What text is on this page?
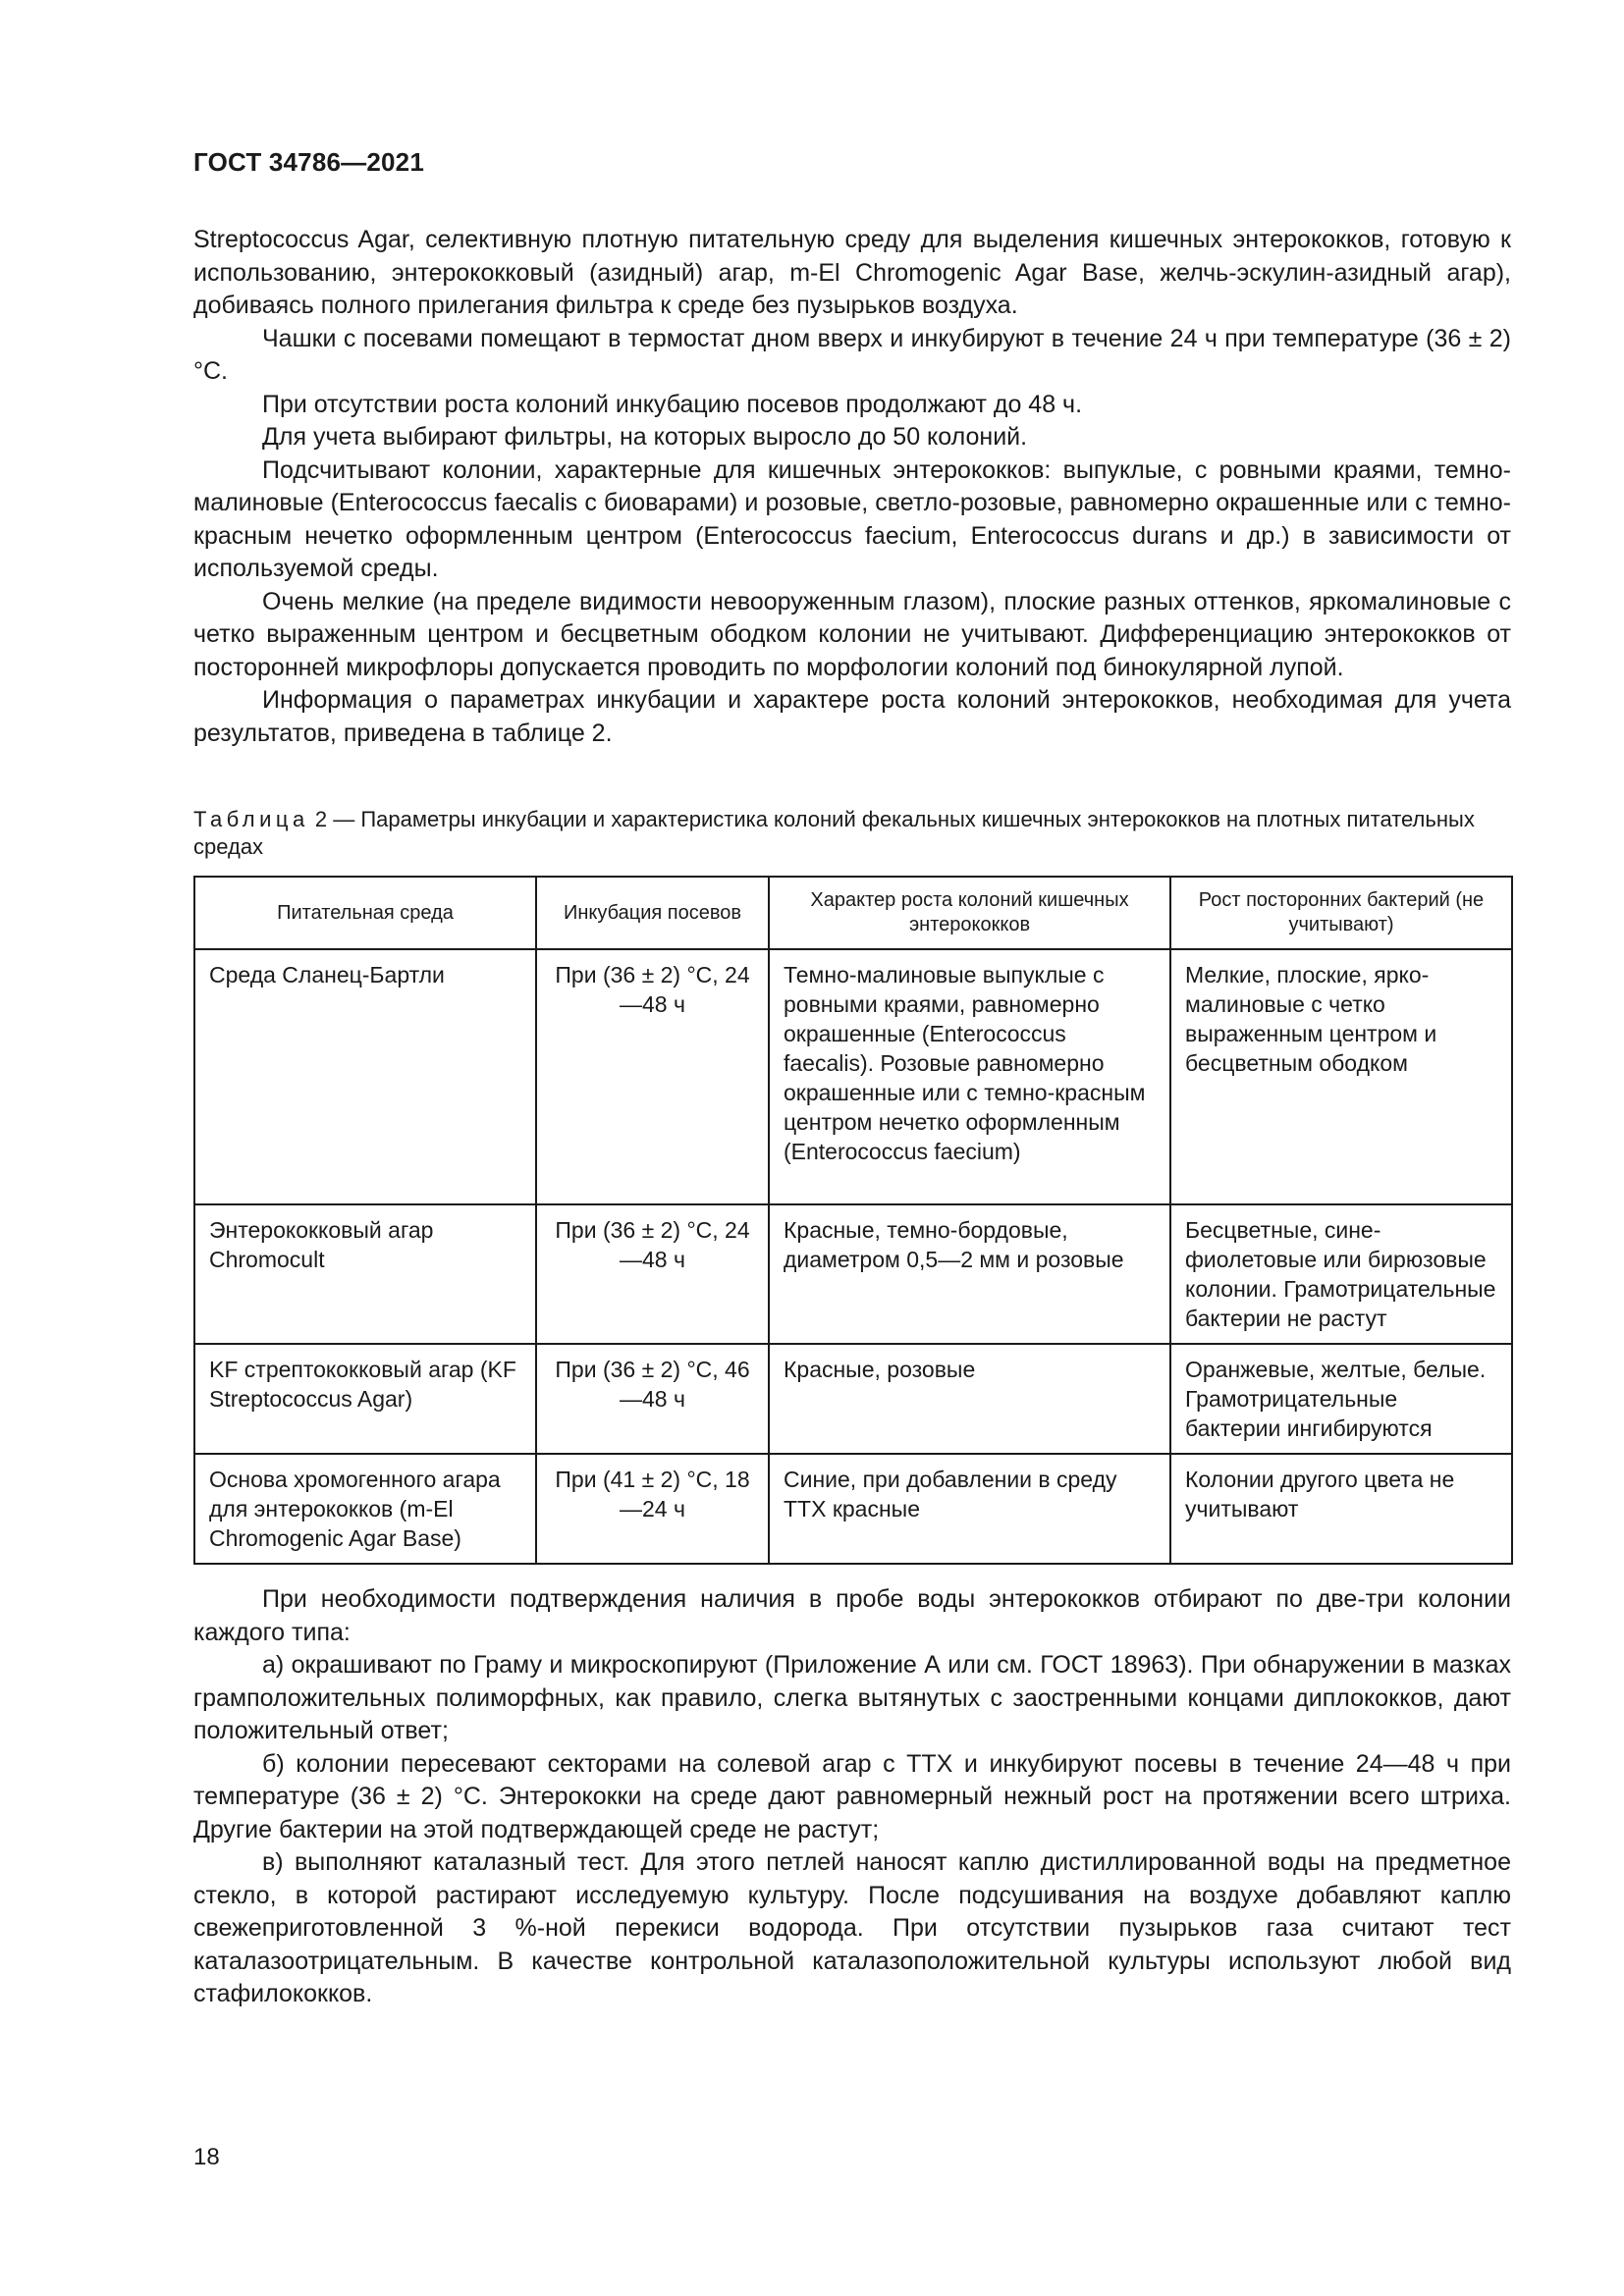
ГОСТ 34786—2021

Streptococcus Agar, селективную плотную питательную среду для выделения кишечных энтерококков, готовую к использованию, энтерококковый (азидный) агар, m-El Chromogenic Agar Base, желчь-эскулин-азидный агар), добиваясь полного прилегания фильтра к среде без пузырьков воздуха.

Чашки с посевами помещают в термостат дном вверх и инкубируют в течение 24 ч при температуре (36 ± 2) °С.

При отсутствии роста колоний инкубацию посевов продолжают до 48 ч.

Для учета выбирают фильтры, на которых выросло до 50 колоний.

Подсчитывают колонии, характерные для кишечных энтерококков: выпуклые, с ровными краями, темно-малиновые (Enterococcus faecalis с биоварами) и розовые, светло-розовые, равномерно окрашенные или с темно-красным нечетко оформленным центром (Enterococcus faecium, Enterococcus durans и др.) в зависимости от используемой среды.

Очень мелкие (на пределе видимости невооруженным глазом), плоские разных оттенков, яркомалиновые с четко выраженным центром и бесцветным ободком колонии не учитывают. Дифференциацию энтерококков от посторонней микрофлоры допускается проводить по морфологии колоний под бинокулярной лупой.

Информация о параметрах инкубации и характере роста колоний энтерококков, необходимая для учета результатов, приведена в таблице 2.

Таблица 2 — Параметры инкубации и характеристика колоний фекальных кишечных энтерококков на плотных питательных средах
Питательная среда	Инкубация посевов	Характер роста колоний кишечных энтерококков	Рост посторонних бактерий (не учитывают)
Среда Сланец-Бартли	При (36 ± 2) °С, 24—48 ч	Темно-малиновые выпуклые с ровными краями, равномерно окрашенные (Enterococcus faecalis). Розовые равномерно окрашенные или с темно-красным центром нечетко оформленным (Enterococcus faecium)	Мелкие, плоские, ярко-малиновые с четко выраженным центром и бесцветным ободком
Энтерококковый агар Chromocult	При (36 ± 2) °С, 24—48 ч	Красные, темно-бордовые, диаметром 0,5—2 мм и розовые	Бесцветные, сине-фиолетовые или бирюзовые колонии. Грамотрицательные бактерии не растут
KF стрептококковый агар (KF Streptococcus Agar)	При (36 ± 2) °С, 46—48 ч	Красные, розовые	Оранжевые, желтые, белые. Грамотрицательные бактерии ингибируются
Основа хромогенного агара для энтерококков (m-El Chromogenic Agar Base)	При (41 ± 2) °С, 18—24 ч	Синие, при добавлении в среду ТТХ красные	Колонии другого цвета не учитывают

При необходимости подтверждения наличия в пробе воды энтерококков отбирают по две-три колонии каждого типа:

а) окрашивают по Граму и микроскопируют (Приложение А или см. ГОСТ 18963). При обнаружении в мазках грамположительных полиморфных, как правило, слегка вытянутых с заостренными концами диплококков, дают положительный ответ;

б) колонии пересевают секторами на солевой агар с ТТХ и инкубируют посевы в течение 24—48 ч при температуре (36 ± 2) °С. Энтерококки на среде дают равномерный нежный рост на протяжении всего штриха. Другие бактерии на этой подтверждающей среде не растут;

в) выполняют каталазный тест. Для этого петлей наносят каплю дистиллированной воды на предметное стекло, в которой растирают исследуемую культуру. После подсушивания на воздухе добавляют каплю свежеприготовленной 3 %-ной перекиси водорода. При отсутствии пузырьков газа считают тест каталазоотрицательным. В качестве контрольной каталазоположительной культуры используют любой вид стафилококков.

18
